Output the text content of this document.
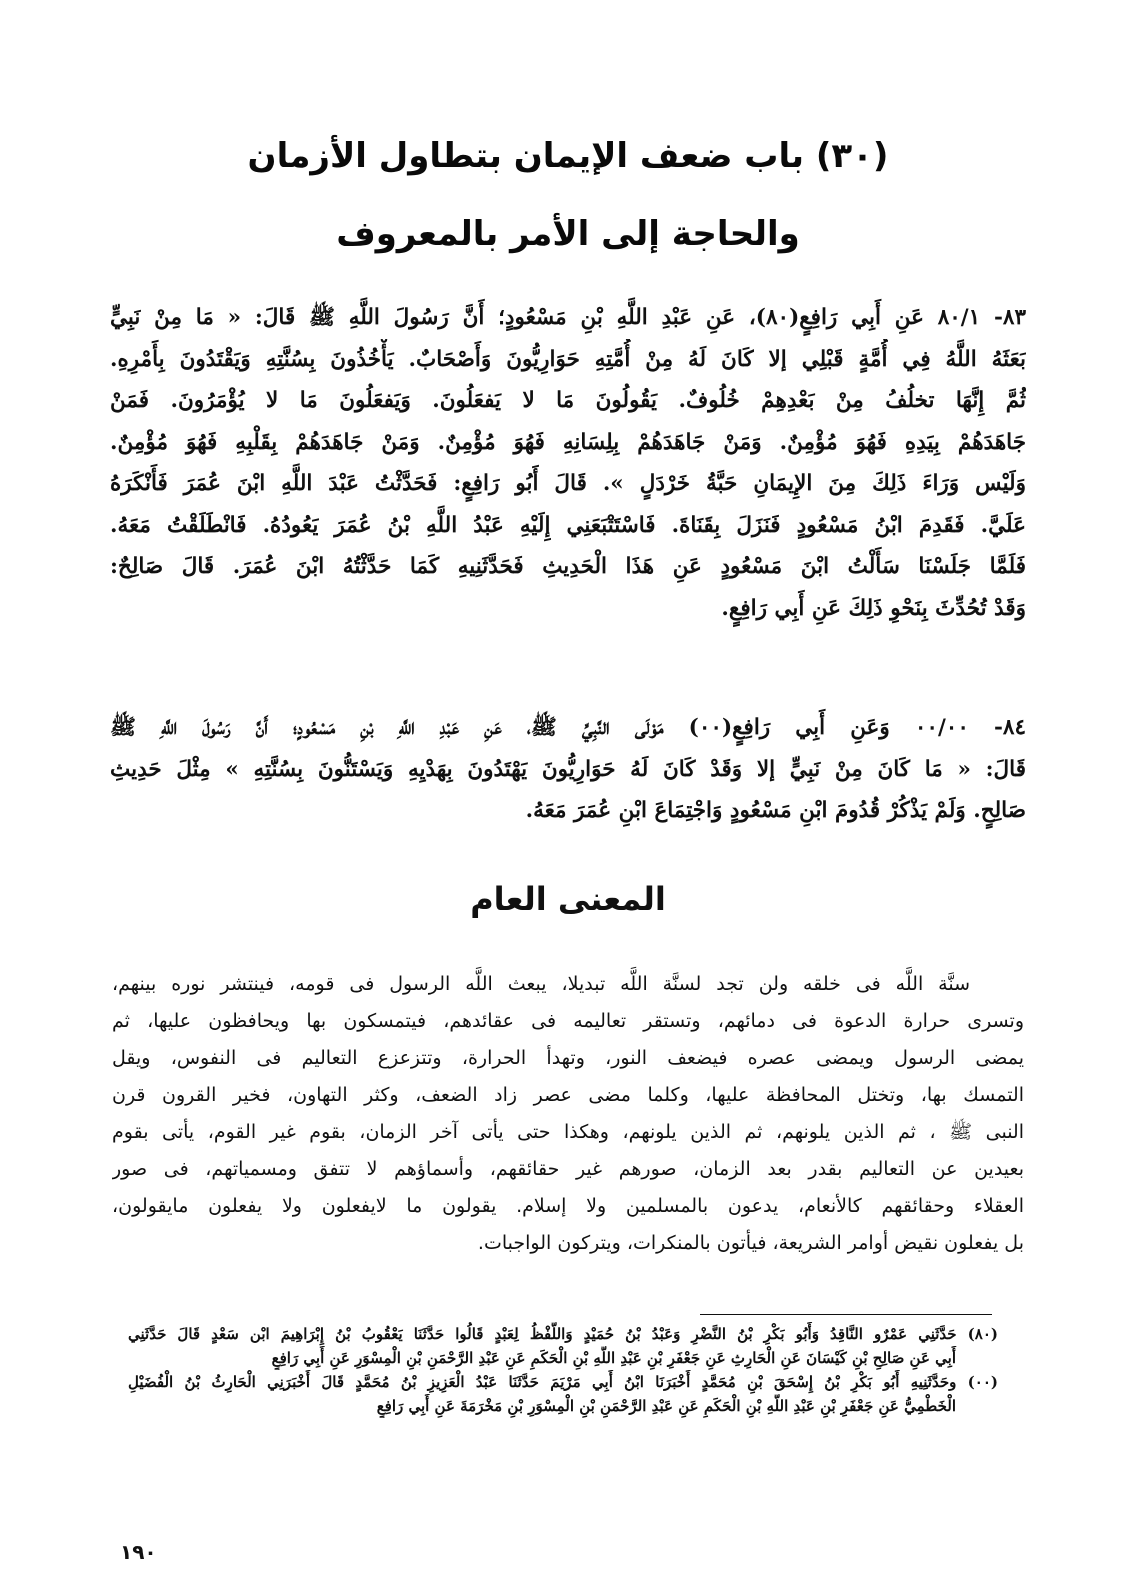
(٣٠) باب ضعف الإيمان بتطاول الأزمان
والحاجة إلى الأمر بالمعروف
٨٣- ٨٠/١ عَنِ أَبِي رَافِعٍ(٨٠)، عَنِ عَبْدِ اللَّهِ بْنِ مَسْعُودٍ؛ أَنَّ رَسُولَ اللَّهِ ﷺ قَالَ: « مَا مِنْ نَبِيٍّ
بَعَثَهُ اللَّهُ فِي أُمَّةٍ قَبْلِي إلا كَانَ لَهُ مِنْ أُمَّتِهِ حَوَارِيُّونَ وَأَصْحَابٌ. يَأْخُذُونَ بِسُنَّتِهِ وَيَقْتَدُونَ بِأَمْرِهِ.
ثُمَّ إِنَّهَا تخلُفُ مِنْ بَعْدِهِمْ خُلُوفٌ. يَقُولُونَ مَا لا يَفعَلُونَ. وَيَفعَلُونَ مَا لا يُؤْمَرُونَ. فَمَنْ
جَاهَدَهُمْ بِيَدِهِ فَهُوَ مُؤْمِنٌ. وَمَنْ جَاهَدَهُمْ بِلِسَانِهِ فَهُوَ مُؤْمِنٌ. وَمَنْ جَاهَدَهُمْ بِقَلْبِهِ فَهُوَ مُؤْمِنٌ.
وَلَيْس وَرَاءَ ذَلِكَ مِنَ الإِيمَانِ حَبَّةُ خَرْدَلٍ ». قَالَ أَبُو رَافِعٍ: فَحَدَّثْتُ عَبْدَ اللَّهِ ابْنَ عُمَرَ فَأَنْكَرَهُ
عَلَيَّ. فَقَدِمَ ابْنُ مَسْعُودٍ فَنَزَلَ بِقَنَاةَ. فَاسْتَتْبَعَنِي إِلَيْهِ عَبْدُ اللَّهِ بْنُ عُمَرَ يَعُودُهُ. فَانْطَلَقْتُ مَعَهُ.
فَلَمَّا جَلَسْنَا سَأَلْتُ ابْنَ مَسْعُودٍ عَنِ هَذَا الْحَدِيثِ فَحَدَّثَنِيهِ كَمَا حَدَّثْتُهُ ابْنَ عُمَرَ. قَالَ صَالِحٌ:
وَقَدْ تُحُدِّثَ بِنَحْوِ ذَلِكَ عَنِ أَبِي رَافِعٍ.
٨٤- ٠٠/٠٠ وَعَنِ أَبِي رَافِعٍ(٠٠) مَوْلَى النَّبِيِّ ﷺ، عَنِ عَبْدِ اللَّهِ بْنِ مَسْعُودٍ؛ أَنَّ رَسُولَ اللَّهِ ﷺ
قَالَ: « مَا كَانَ مِنْ نَبِيٍّ إلا وَقَدْ كَانَ لَهُ حَوَارِيُّونَ يَهْتَدُونَ بِهَدْيِهِ وَيَسْتَنُّونَ بِسُنَّتِهِ » مِثْلَ حَدِيثِ
صَالِحٍ. وَلَمْ يَذْكُرْ قُدُومَ ابْنِ مَسْعُودٍ وَاجْتِمَاعَ ابْنِ عُمَرَ مَعَهُ.
المعنى العام
سنَّة اللَّه فى خلقه ولن تجد لسنَّة اللَّه تبديلا، يبعث اللَّه الرسول فى قومه، فينتشر نوره بينهم،
وتسرى حرارة الدعوة فى دمائهم، وتستقر تعاليمه فى عقائدهم، فيتمسكون بها ويحافظون عليها، ثم
يمضى الرسول ويمضى عصره فيضعف النور، وتهدأ الحرارة، وتتزعزع التعاليم فى النفوس، ويقل
التمسك بها، وتختل المحافظة عليها، وكلما مضى عصر زاد الضعف، وكثر التهاون، فخير القرون قرن
النبى ﷺ ، ثم الذين يلونهم، ثم الذين يلونهم، وهكذا حتى يأتى آخر الزمان، بقوم غير القوم، يأتى بقوم
بعيدين عن التعاليم بقدر بعد الزمان، صورهم غير حقائقهم، وأسماؤهم لا تتفق ومسمياتهم، فى صور
العقلاء وحقائقهم كالأنعام، يدعون بالمسلمين ولا إسلام. يقولون ما لايفعلون ولا يفعلون مايقولون،
بل يفعلون نقيض أوامر الشريعة، فيأتون بالمنكرات، ويتركون الواجبات.
(٨٠) حَدَّثَنِي عَمْرٌو النَّاقِدُ وَأَبُو بَكْرِ بْنُ النَّضْرِ وَعَبْدُ بْنُ حُمَيْدٍ وَاللَّفْظُ لِعَبْدٍ قَالُوا حَدَّثَنَا يَعْقُوبُ بْنُ إِبْرَاهِيمَ ابْن سَعْدٍ قَالَ حَدَّثَنِي
أَبِي عَنِ صَالِحِ بْنِ كَيْسَانَ عَنِ الْحَارِثِ عَنِ جَعْفَرِ بْنِ عَبْدِ اللَّهِ بْنِ الْحَكَمِ عَنِ عَبْدِ الرَّحْمَنِ بْنِ الْمِسْوَرِ عَنِ أَبِي رَافِعٍ
(٠٠) وحَدَّثَنِيهِ أَبُو بَكْرِ بْنُ إِسْحَقَ بْنِ مُحَمَّدٍ أَخْبَرَنَا ابْنُ أَبِي مَرْيَمَ حَدَّثَنَا عَبْدُ الْعَزِيزِ بْنُ مُحَمَّدٍ قَالَ أَخْبَرَنِي الْحَارِثُ بْنُ الْفُضَيْلِ
الْخَطْمِيُّ عَنِ جَعْفَرِ بْنِ عَبْدِ اللَّهِ بْنِ الْحَكَمِ عَنِ عَبْدِ الرَّحْمَنِ بْنِ الْمِسْوَرِ بْنِ مَخْرَمَةَ عَنِ أَبِي رَافِعٍ
١٩٠
